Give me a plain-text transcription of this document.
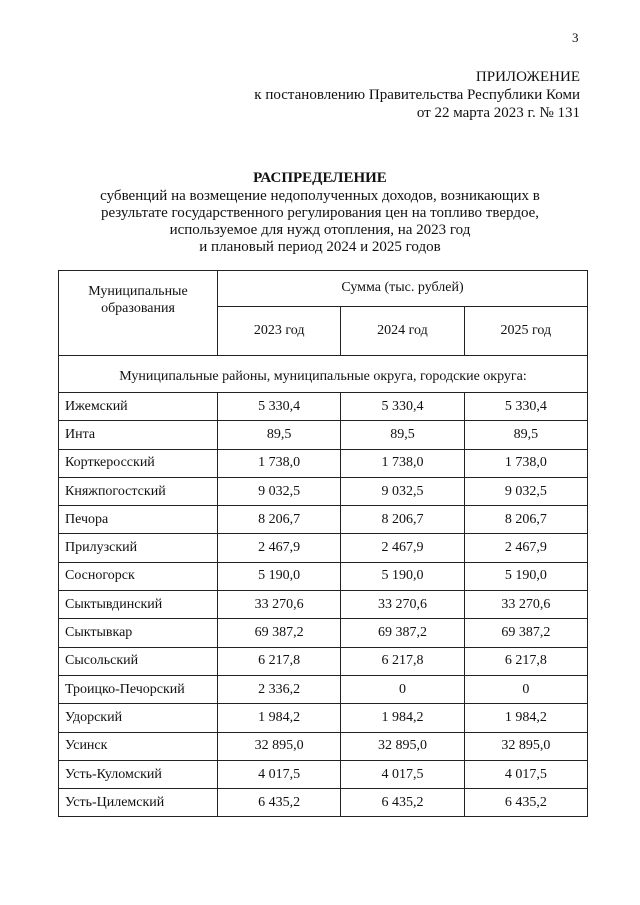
3
ПРИЛОЖЕНИЕ
к постановлению Правительства Республики Коми
от 22 марта 2023 г. № 131
РАСПРЕДЕЛЕНИЕ
субвенций на возмещение недополученных доходов, возникающих в
результате государственного регулирования цен на топливо твердое,
используемое для нужд отопления, на 2023 год
и плановый период 2024 и 2025 годов
Муниципальные образования	Сумма (тыс. рублей)		
	2023 год	2024 год	2025 год
Муниципальные районы, муниципальные округа, городские округа:			
Ижемский	5 330,4	5 330,4	5 330,4
Инта	89,5	89,5	89,5
Корткеросский	1 738,0	1 738,0	1 738,0
Княжпогостский	9 032,5	9 032,5	9 032,5
Печора	8 206,7	8 206,7	8 206,7
Прилузский	2 467,9	2 467,9	2 467,9
Сосногорск	5 190,0	5 190,0	5 190,0
Сыктывдинский	33 270,6	33 270,6	33 270,6
Сыктывкар	69 387,2	69 387,2	69 387,2
Сысольский	6 217,8	6 217,8	6 217,8
Троицко-Печорский	2 336,2	0	0
Удорский	1 984,2	1 984,2	1 984,2
Усинск	32 895,0	32 895,0	32 895,0
Усть-Куломский	4 017,5	4 017,5	4 017,5
Усть-Цилемский	6 435,2	6 435,2	6 435,2
